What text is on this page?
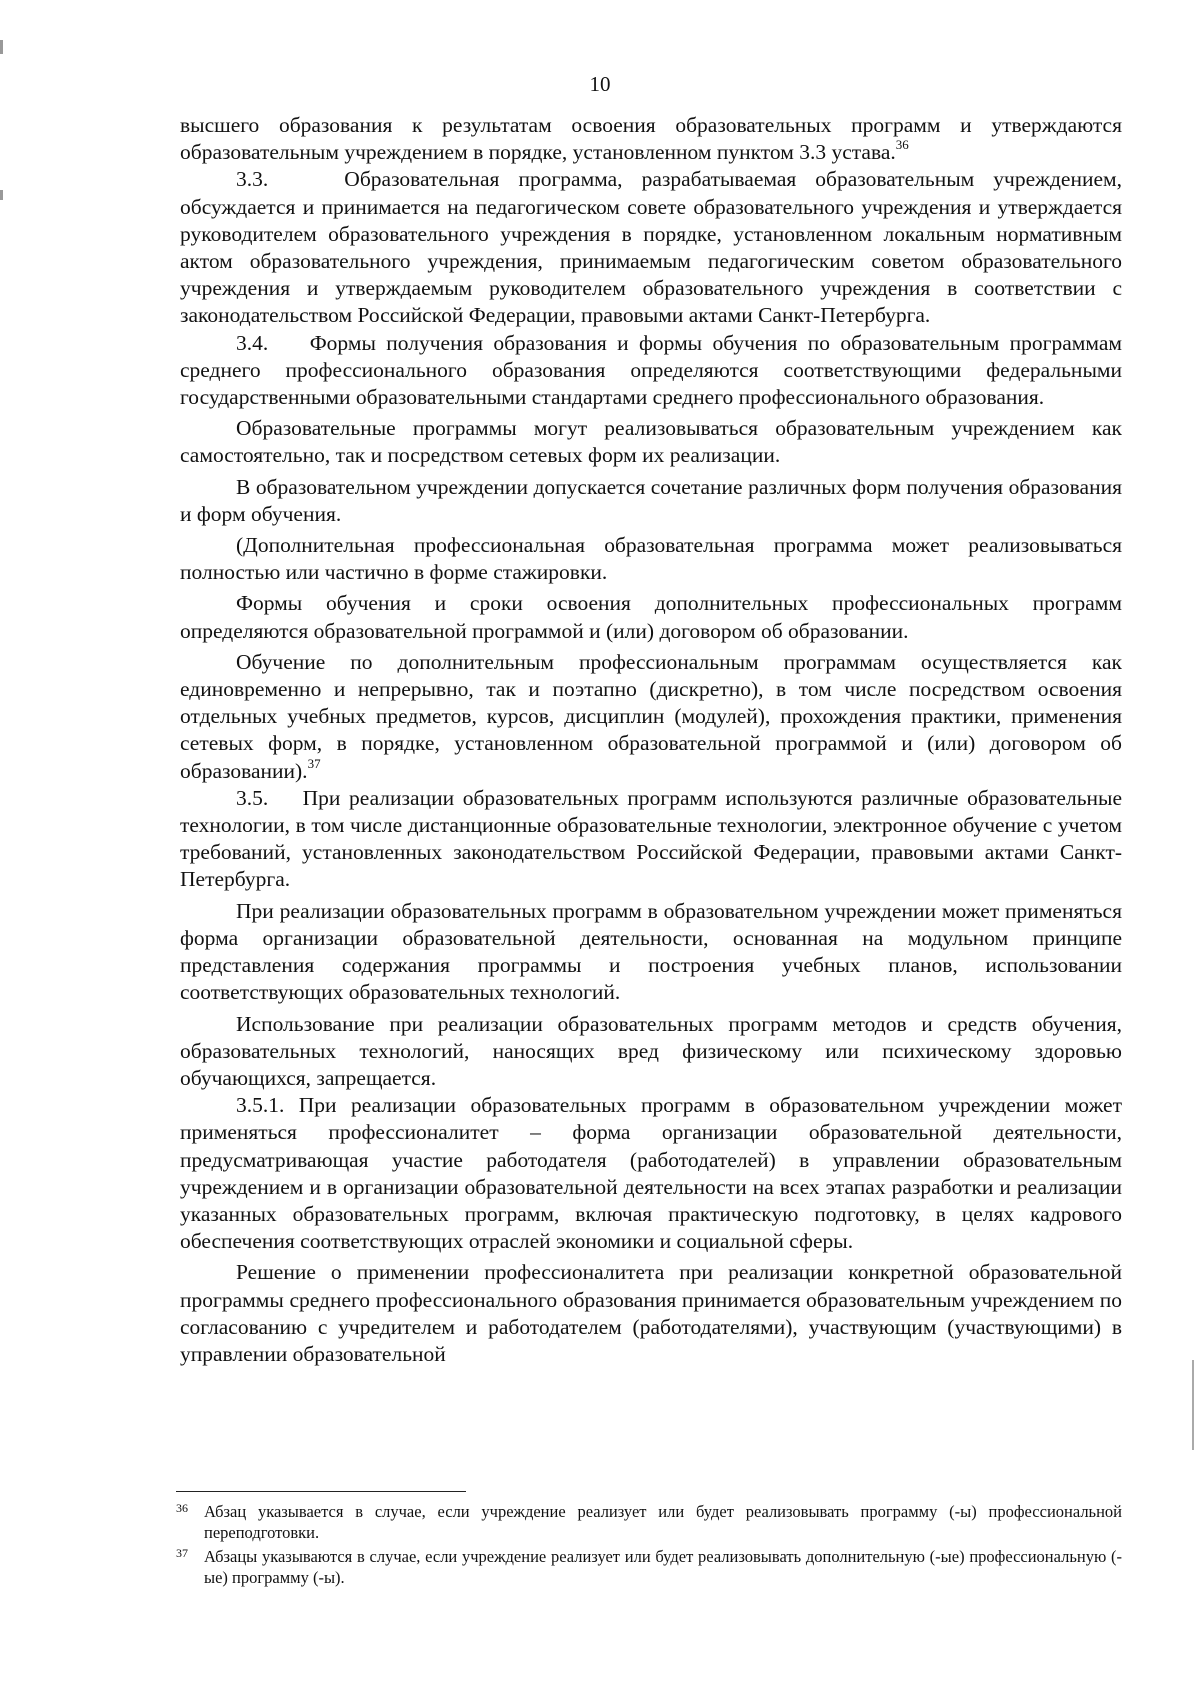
10

высшего образования к результатам освоения образовательных программ и утверждаются образовательным учреждением в порядке, установленном пунктом 3.3 устава.$^{36}$

3.3.    Образовательная программа, разрабатываемая образовательным учреждением, обсуждается и принимается на педагогическом совете образовательного учреждения и утверждается руководителем образовательного учреждения в порядке, установленном локальным нормативным актом образовательного учреждения, принимаемым педагогическим советом образовательного учреждения и утверждаемым руководителем образовательного учреждения в соответствии с законодательством Российской Федерации, правовыми актами Санкт-Петербурга.

3.4.    Формы получения образования и формы обучения по образовательным программам среднего профессионального образования определяются соответствующими федеральными государственными образовательными стандартами среднего профессионального образования.

Образовательные программы могут реализовываться образовательным учреждением как самостоятельно, так и посредством сетевых форм их реализации.

В образовательном учреждении допускается сочетание различных форм получения образования и форм обучения.

(Дополнительная профессиональная образовательная программа может реализовываться полностью или частично в форме стажировки.

Формы обучения и сроки освоения дополнительных профессиональных программ определяются образовательной программой и (или) договором об образовании.

Обучение по дополнительным профессиональным программам осуществляется как единовременно и непрерывно, так и поэтапно (дискретно), в том числе посредством освоения отдельных учебных предметов, курсов, дисциплин (модулей), прохождения практики, применения сетевых форм, в порядке, установленном образовательной программой и (или) договором об образовании).$^{37}$

3.5.    При реализации образовательных программ используются различные образовательные технологии, в том числе дистанционные образовательные технологии, электронное обучение с учетом требований, установленных законодательством Российской Федерации, правовыми актами Санкт-Петербурга.

При реализации образовательных программ в образовательном учреждении может применяться форма организации образовательной деятельности, основанная на модульном принципе представления содержания программы и построения учебных планов, использовании соответствующих образовательных технологий.

Использование при реализации образовательных программ методов и средств обучения, образовательных технологий, наносящих вред физическому или психическому здоровью обучающихся, запрещается.

3.5.1. При реализации образовательных программ в образовательном учреждении может применяться профессионалитет – форма организации образовательной деятельности, предусматривающая участие работодателя (работодателей) в управлении образовательным учреждением и в организации образовательной деятельности на всех этапах разработки и реализации указанных образовательных программ, включая практическую подготовку, в целях кадрового обеспечения соответствующих отраслей экономики и социальной сферы.

Решение о применении профессионалитета при реализации конкретной образовательной программы среднего профессионального образования принимается образовательным учреждением по согласованию с учредителем и работодателем (работодателями), участвующим (участвующими) в управлении образовательной

36 Абзац указывается в случае, если учреждение реализует или будет реализовывать программу (-ы) профессиональной переподготовки.
37 Абзацы указываются в случае, если учреждение реализует или будет реализовывать дополнительную (-ые) профессиональную (-ые) программу (-ы).
